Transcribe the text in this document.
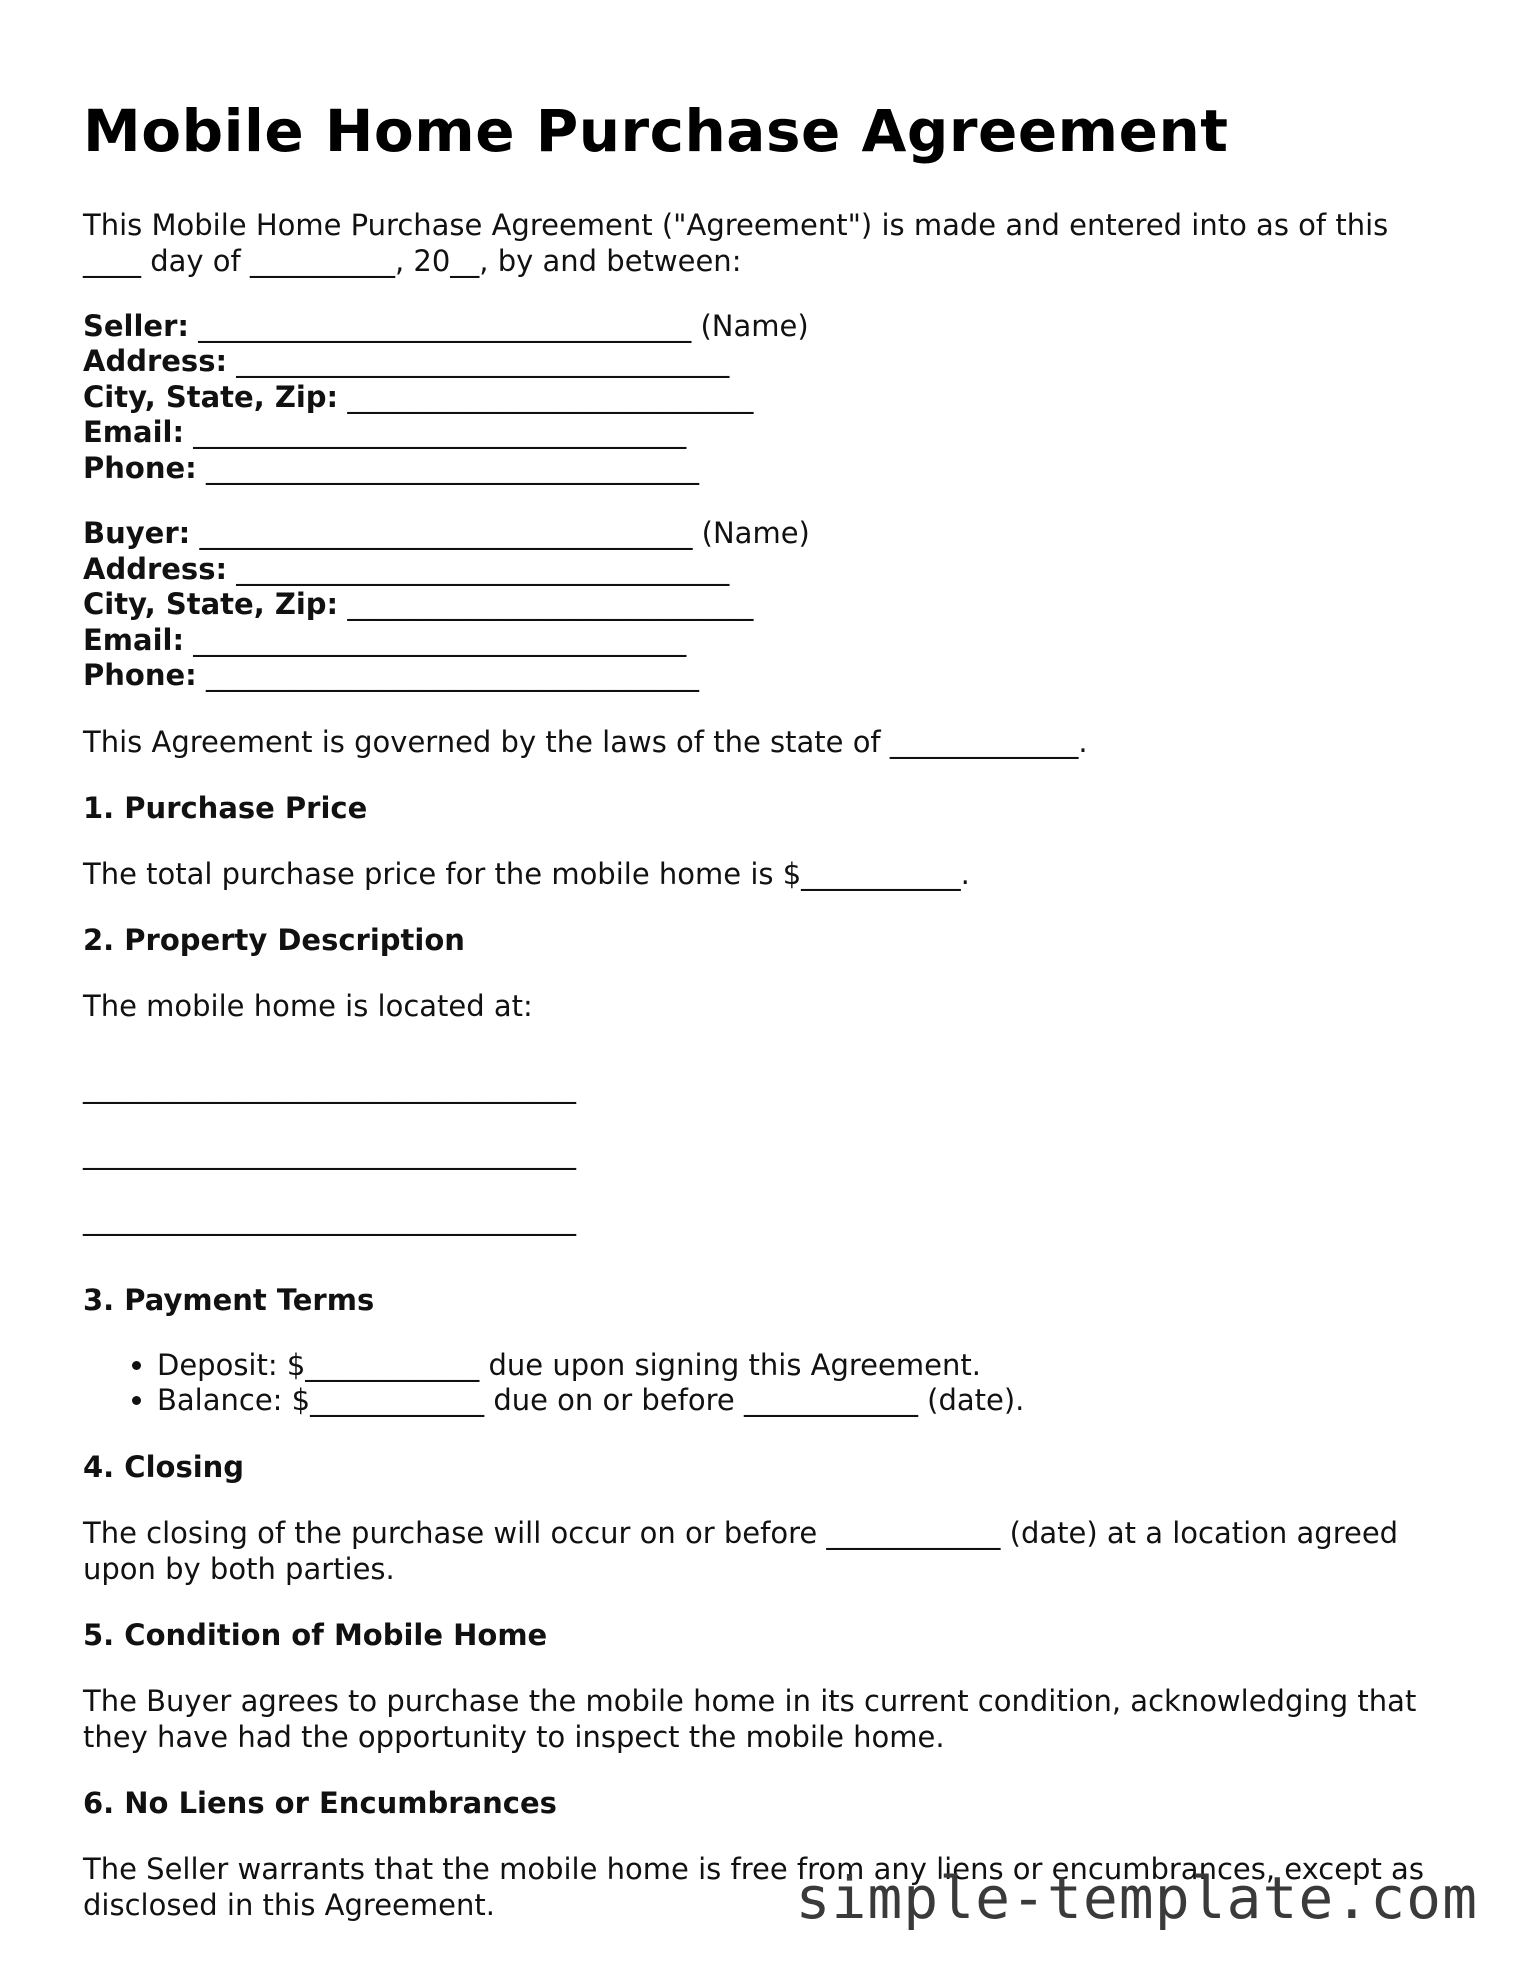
Mobile Home Purchase Agreement

This Mobile Home Purchase Agreement ("Agreement") is made and entered into as of this ____ day of __________, 20__, by and between:

Seller: __________________________________ (Name)
Address: __________________________________
City, State, Zip: ____________________________
Email: __________________________________
Phone: __________________________________
Buyer: __________________________________ (Name)
Address: __________________________________
City, State, Zip: ____________________________
Email: __________________________________
Phone: __________________________________

This Agreement is governed by the laws of the state of _____________.

1. Purchase Price

The total purchase price for the mobile home is $___________.

2. Property Description

The mobile home is located at:

__________________________________
__________________________________
__________________________________
3. Payment Terms
• Deposit: $____________ due upon signing this Agreement.
• Balance: $____________ due on or before ____________ (date).
4. Closing

The closing of the purchase will occur on or before ____________ (date) at a location agreed upon by both parties.

5. Condition of Mobile Home

The Buyer agrees to purchase the mobile home in its current condition, acknowledging that they have had the opportunity to inspect the mobile home.

6. No Liens or Encumbrances

The Seller warrants that the mobile home is free from any liens or encumbrances, except as disclosed in this Agreement.	simple-template.com
